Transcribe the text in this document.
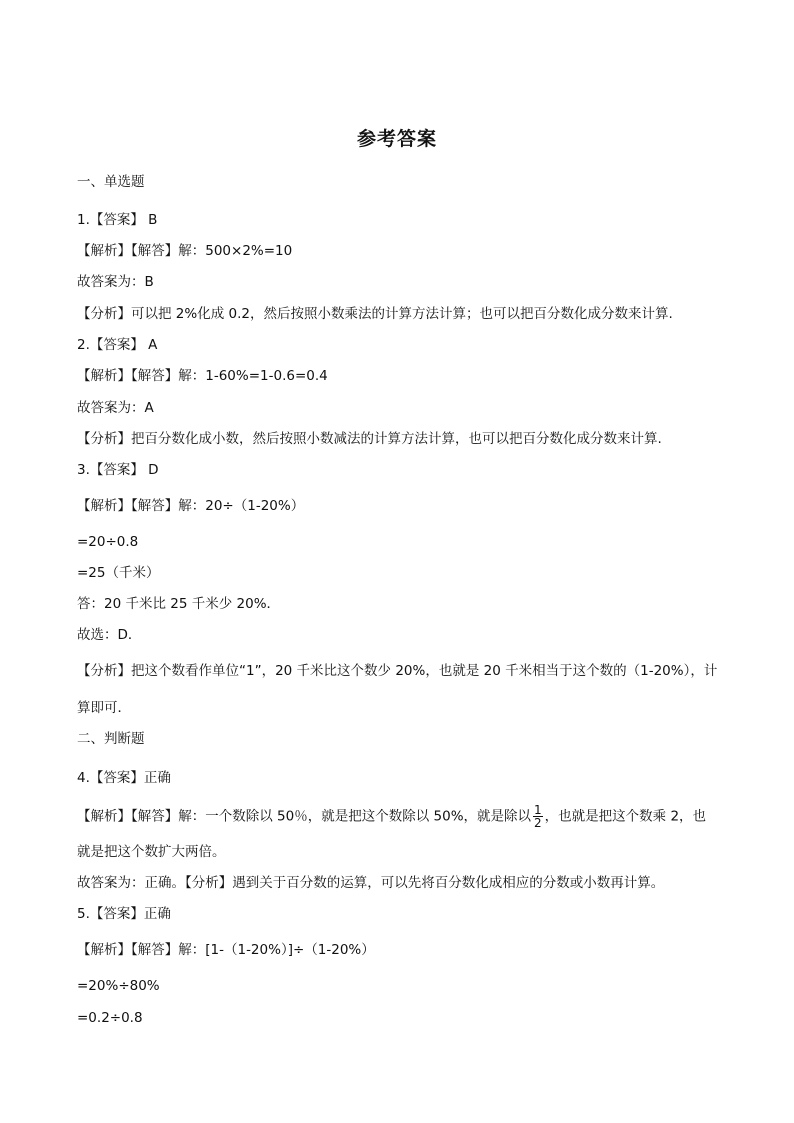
参考答案
一、单选题
1.【答案】 B
【解析】【解答】解：500×2%=10
故答案为：B
【分析】可以把 2%化成 0.2，然后按照小数乘法的计算方法计算；也可以把百分数化成分数来计算.
2.【答案】 A
【解析】【解答】解：1-60%=1-0.6=0.4
故答案为：A
【分析】把百分数化成小数，然后按照小数减法的计算方法计算，也可以把百分数化成分数来计算.
3.【答案】 D
【解析】【解答】解：20÷（1-20%）
=20÷0.8
=25（千米）
答：20 千米比 25 千米少 20%．
故选：D．
【分析】把这个数看作单位“1”，20 千米比这个数少 20%，也就是 20 千米相当于这个数的（1-20%），计
算即可．
二、判断题
4.【答案】正确
【解析】【解答】解：一个数除以 50％，就是把这个数除以 50%，就是除以 $\frac{1}{2}$ ，也就是把这个数乘 2，也
就是把这个数扩大两倍。
故答案为：正确。【分析】遇到关于百分数的运算，可以先将百分数化成相应的分数或小数再计算。
5.【答案】正确
【解析】【解答】解：[1-（1-20%）]÷（1-20%）
=20%÷80%
=0.2÷0.8
